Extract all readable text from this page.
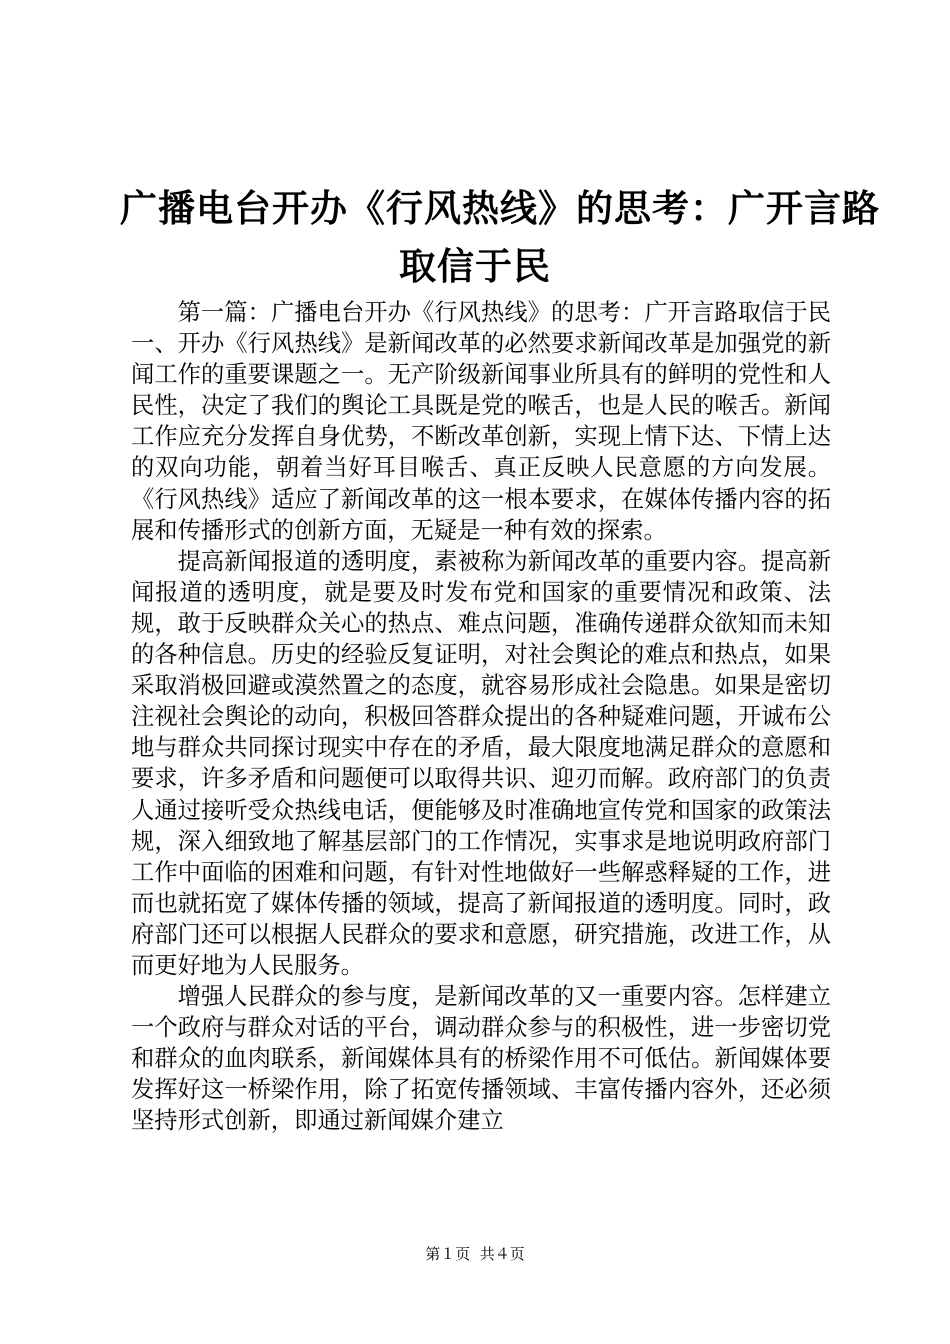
广播电台开办《行风热线》的思考：广开言路
取信于民

第一篇：广播电台开办《行风热线》的思考：广开言路取信于民一、开办《行风热线》是新闻改革的必然要求新闻改革是加强党的新闻工作的重要课题之一。无产阶级新闻事业所具有的鲜明的党性和人民性，决定了我们的舆论工具既是党的喉舌，也是人民的喉舌。新闻工作应充分发挥自身优势，不断改革创新，实现上情下达、下情上达的双向功能，朝着当好耳目喉舌、真正反映人民意愿的方向发展。《行风热线》适应了新闻改革的这一根本要求，在媒体传播内容的拓展和传播形式的创新方面，无疑是一种有效的探索。

提高新闻报道的透明度，素被称为新闻改革的重要内容。提高新闻报道的透明度，就是要及时发布党和国家的重要情况和政策、法规，敢于反映群众关心的热点、难点问题，准确传递群众欲知而未知的各种信息。历史的经验反复证明，对社会舆论的难点和热点，如果采取消极回避或漠然置之的态度，就容易形成社会隐患。如果是密切注视社会舆论的动向，积极回答群众提出的各种疑难问题，开诚布公地与群众共同探讨现实中存在的矛盾，最大限度地满足群众的意愿和要求，许多矛盾和问题便可以取得共识、迎刃而解。政府部门的负责人通过接听受众热线电话，便能够及时准确地宣传党和国家的政策法规，深入细致地了解基层部门的工作情况，实事求是地说明政府部门工作中面临的困难和问题，有针对性地做好一些解惑释疑的工作，进而也就拓宽了媒体传播的领域，提高了新闻报道的透明度。同时，政府部门还可以根据人民群众的要求和意愿，研究措施，改进工作，从而更好地为人民服务。

增强人民群众的参与度，是新闻改革的又一重要内容。怎样建立一个政府与群众对话的平台，调动群众参与的积极性，进一步密切党和群众的血肉联系，新闻媒体具有的桥梁作用不可低估。新闻媒体要发挥好这一桥梁作用，除了拓宽传播领域、丰富传播内容外，还必须坚持形式创新，即通过新闻媒介建立

第１页  共４页
